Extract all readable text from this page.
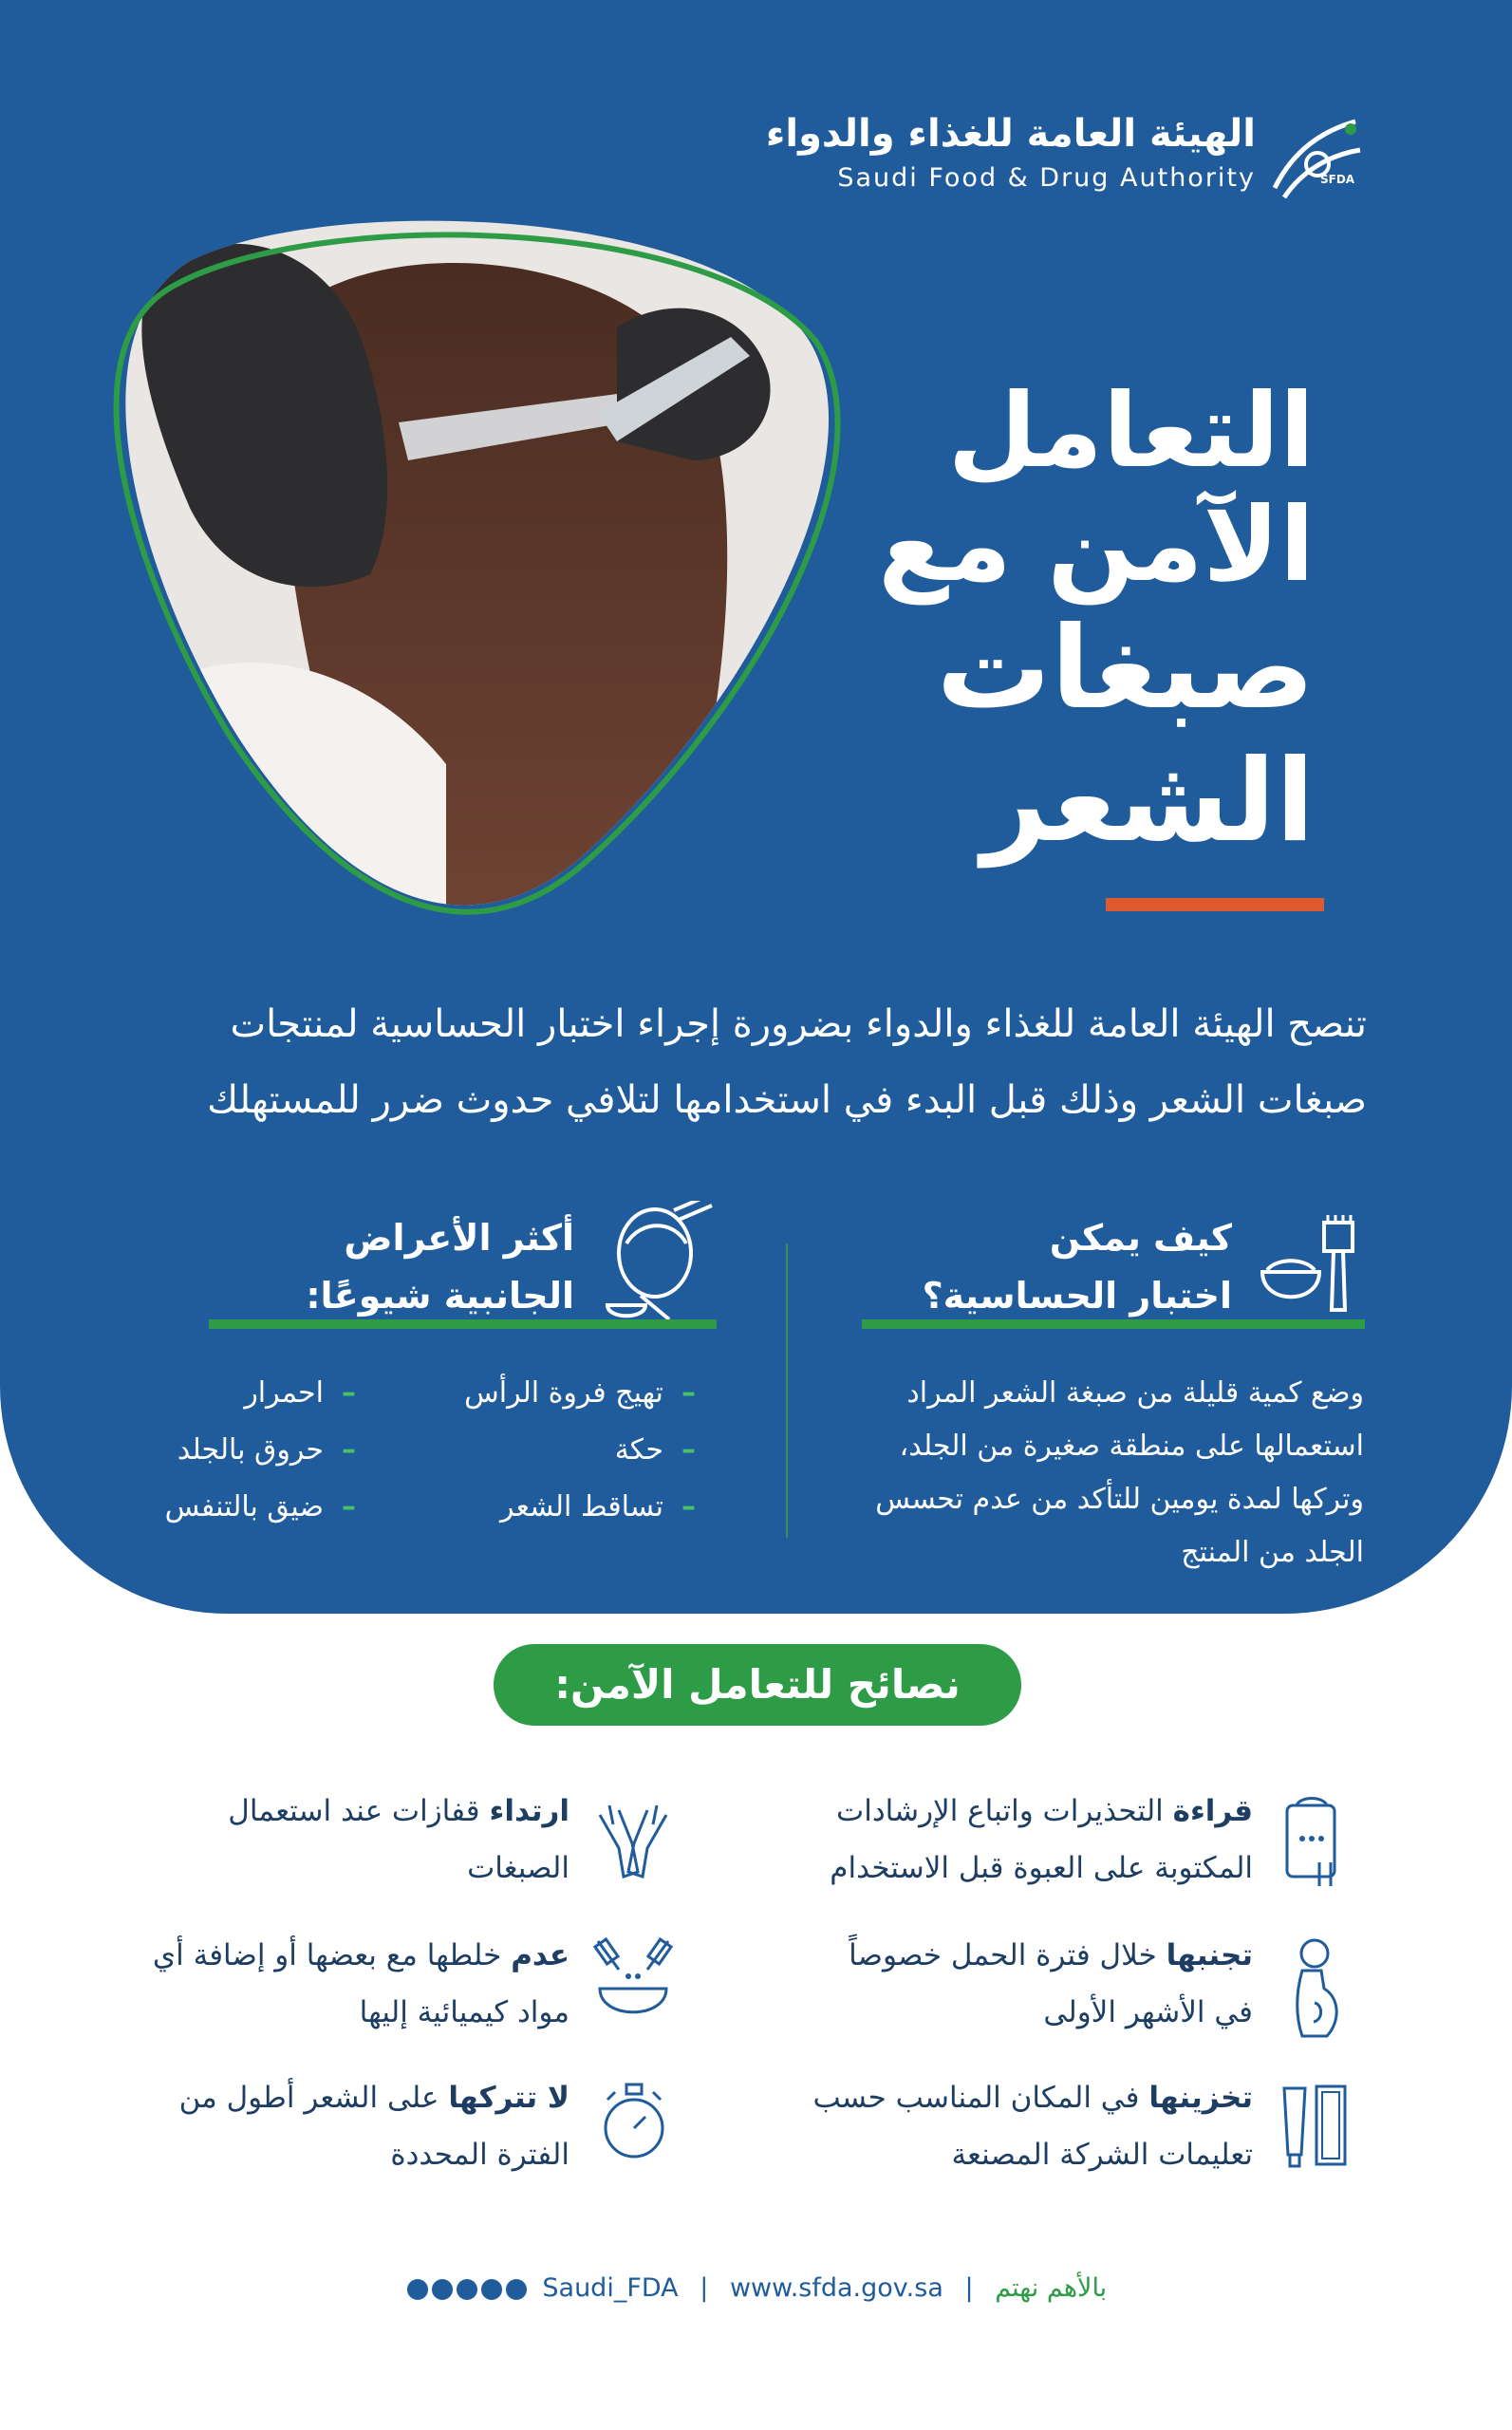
SFDA
الهيئة العامة للغذاء والدواء
Saudi Food & Drug Authority
التعامل
الآمن مع
صبغات
الشعر
تنصح الهيئة العامة للغذاء والدواء بضرورة إجراء اختبار الحساسية لمنتجات
صبغات الشعر وذلك قبل البدء في استخدامها لتلافي حدوث ضرر للمستهلك
كيف يمكن
اختبار الحساسية؟
وضع كمية قليلة من صبغة الشعر المراد استعمالها على منطقة صغيرة من الجلد، وتركها لمدة يومين للتأكد من عدم تحسس الجلد من المنتج
أكثر الأعراض
الجانبية شيوعًا:
–  تهيج فروة الرأس
–  احمرار
–  حكة
–  حروق بالجلد
–  تساقط الشعر
–  ضيق بالتنفس
نصائح للتعامل الآمن:
قراءة التحذيرات واتباع الإرشادات المكتوبة على العبوة قبل الاستخدام
تجنبها خلال فترة الحمل خصوصاً في الأشهر الأولى
تخزينها في المكان المناسب حسب تعليمات الشركة المصنعة
ارتداء قفازات عند استعمال الصبغات
عدم خلطها مع بعضها أو إضافة أي مواد كيميائية إليها
لا تتركها على الشعر أطول من الفترة المحددة
Saudi_FDA | www.sfda.gov.sa | بالأهم نهتم
